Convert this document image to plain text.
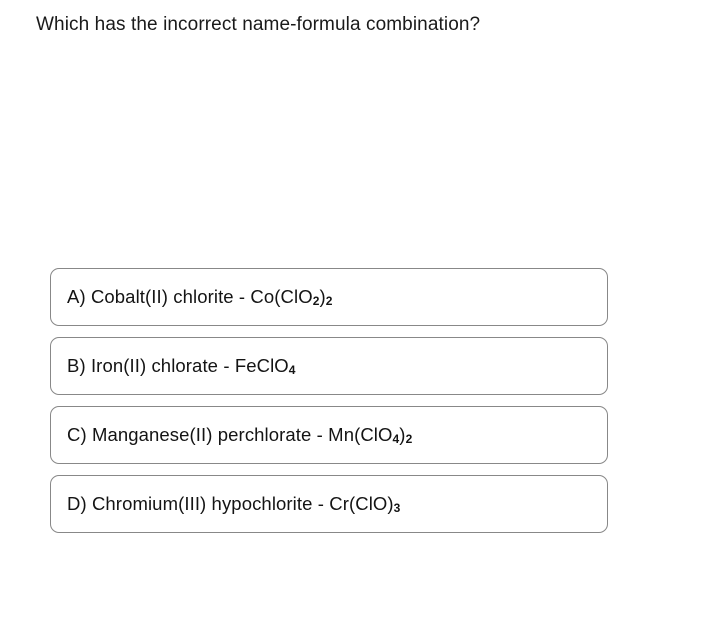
Which has the incorrect name-formula combination?
A) Cobalt(II) chlorite - Co(ClO$_2$ )$_2$
B) Iron(II) chlorate - FeClO$_4$
C) Manganese(II) perchlorate - Mn(ClO$_4$ )$_2$
D) Chromium(III) hypochlorite - $Cr(ClO)_3$
